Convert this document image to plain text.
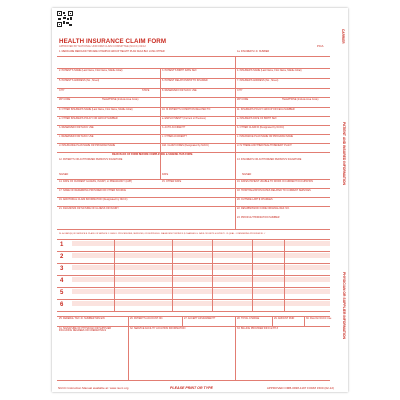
HEALTH INSURANCE CLAIM FORM
APPROVED BY NATIONAL UNIFORM CLAIM COMMITTEE (NUCC) 02/12	PICA
CARRIER
PATIENT AND INSURED INFORMATION
PHYSICIAN OR SUPPLIER INFORMATION
1. MEDICARE MEDICAID TRICARE CHAMPVA GROUP HEALTH PLAN FECA BLK LUNG OTHER	1a. INSURED'S I.D. NUMBER
2. PATIENT'S NAME (Last Name, First Name, Middle Initial)	3. PATIENT'S BIRTH DATE SEX	4. INSURED'S NAME (Last Name, First Name, Middle Initial)
5. PATIENT'S ADDRESS (No., Street)	6. PATIENT RELATIONSHIP TO INSURED	7. INSURED'S ADDRESS (No., Street)
CITY	STATE	8. RESERVED FOR NUCC USE	CITY
ZIP CODE	TELEPHONE (Include Area Code)	ZIP CODE	TELEPHONE (Include Area Code)
9. OTHER INSURED'S NAME (Last Name, First Name, Middle Initial)	10. IS PATIENT'S CONDITION RELATED TO:	11. INSURED'S POLICY GROUP OR FECA NUMBER
a. OTHER INSURED'S POLICY OR GROUP NUMBER	a. EMPLOYMENT? (Current or Previous)	a. INSURED'S DATE OF BIRTH SEX
b. RESERVED FOR NUCC USE	b. AUTO ACCIDENT?	b. OTHER CLAIM ID (Designated by NUCC)
c. RESERVED FOR NUCC USE	c. OTHER ACCIDENT?	c. INSURANCE PLAN NAME OR PROGRAM NAME
d. INSURANCE PLAN NAME OR PROGRAM NAME	10d. CLAIM CODES (Designated by NUCC)	d. IS THERE ANOTHER HEALTH BENEFIT PLAN?
READ BACK OF FORM BEFORE COMPLETING & SIGNING THIS FORM.
12. PATIENT'S OR AUTHORIZED PERSON'S SIGNATURE	13. INSURED'S OR AUTHORIZED PERSON'S SIGNATURE
SIGNED	DATE	SIGNED
14. DATE OF CURRENT ILLNESS, INJURY, or PREGNANCY (LMP)	15. OTHER DATE	16. DATES PATIENT UNABLE TO WORK IN CURRENT OCCUPATION
17. NAME OF REFERRING PROVIDER OR OTHER SOURCE	18. HOSPITALIZATION DATES RELATED TO CURRENT SERVICES
19. ADDITIONAL CLAIM INFORMATION (Designated by NUCC)	20. OUTSIDE LAB? $ CHARGES
21. DIAGNOSIS OR NATURE OF ILLNESS OR INJURY	22. RESUBMISSION CODE ORIGINAL REF. NO.
23. PRIOR AUTHORIZATION NUMBER
24. A. DATE(S) OF SERVICE B. PLACE OF SERVICE C. EMG D. PROCEDURES, SERVICES, OR SUPPLIES E. DIAGNOSIS POINTER F. $ CHARGES G. DAYS OR UNITS H. EPSDT I. ID QUAL. J. RENDERING PROVIDER ID. #
1
2
3
4
5
6
25. FEDERAL TAX I.D. NUMBER SSN EIN	26. PATIENT'S ACCOUNT NO.	27. ACCEPT ASSIGNMENT?	28. TOTAL CHARGE	29. AMOUNT PAID	30. Rsvd for NUCC Use
31. SIGNATURE OF PHYSICIAN OR SUPPLIER INCLUDING DEGREES OR CREDENTIALS
32. SERVICE FACILITY LOCATION INFORMATION	33. BILLING PROVIDER INFO & PH #
NUCC Instruction Manual available at: www.nucc.org	PLEASE PRINT OR TYPE	APPROVED OMB-0938-1197 FORM 1500 (02-12)
